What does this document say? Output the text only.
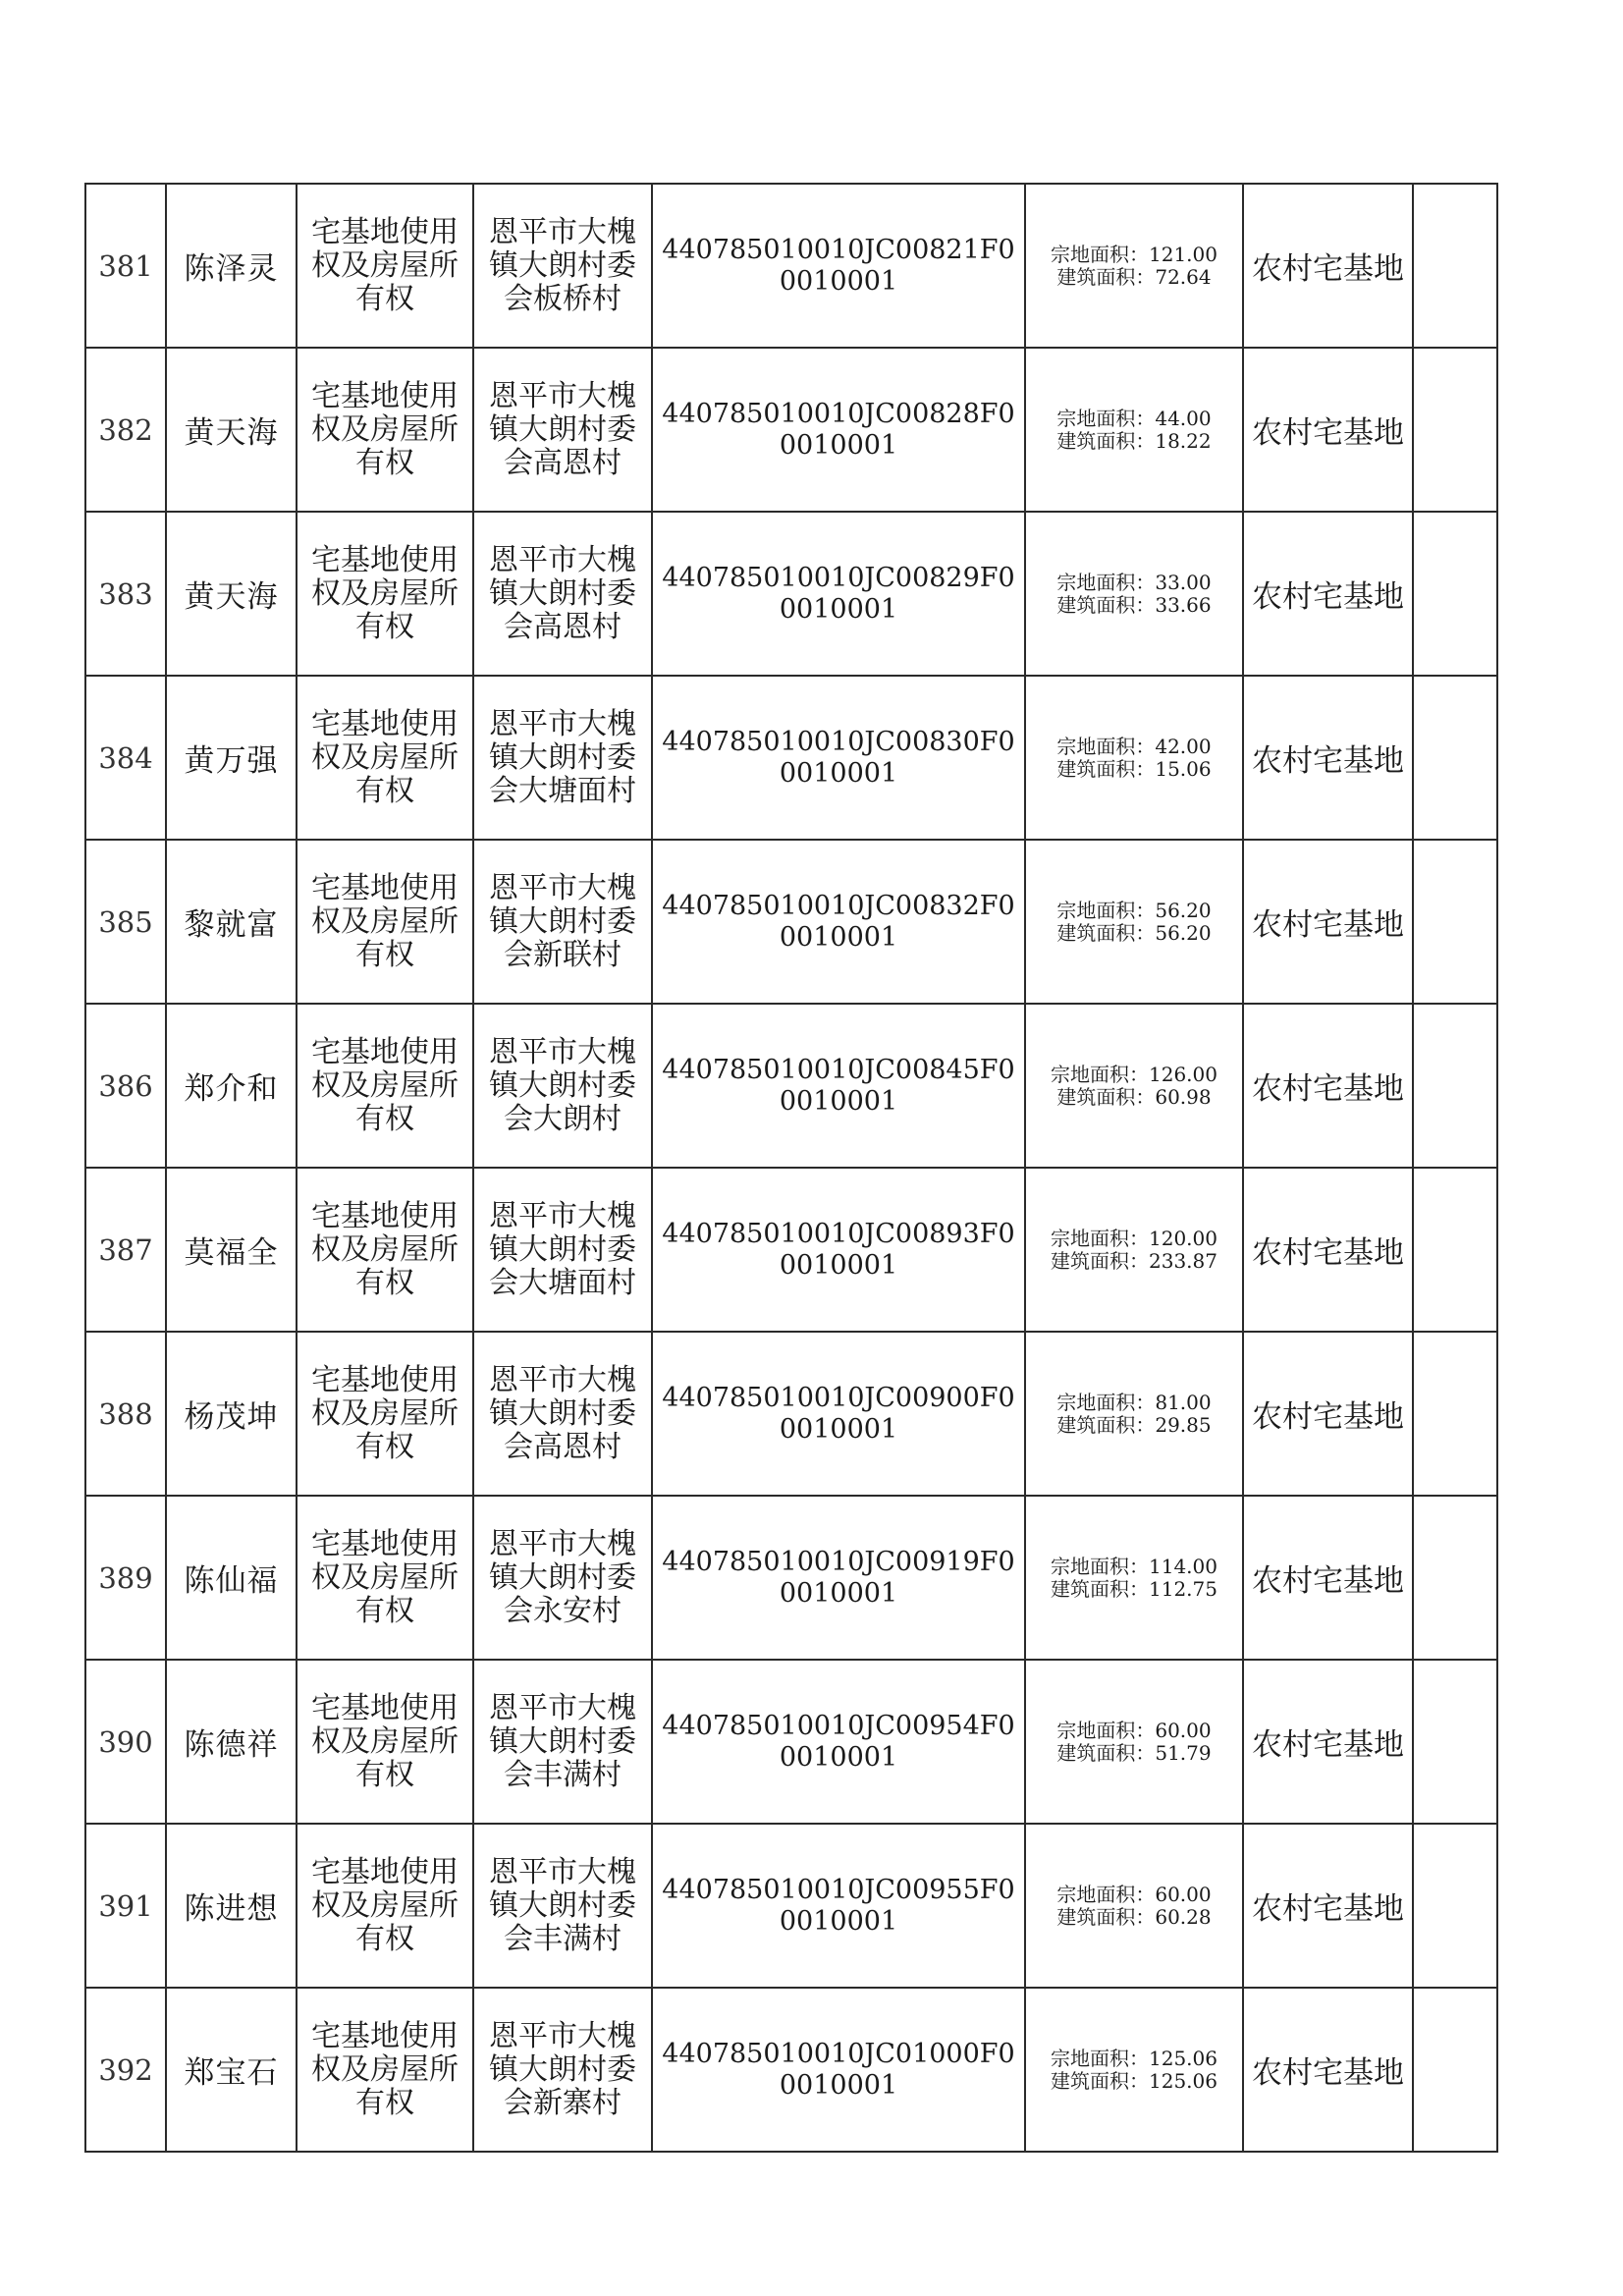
381	陈泽灵	宅基地使用权及房屋所有权	恩平市大槐镇大朗村委会板桥村	440785010010JC00821F00010001	宗地面积：121.00
建筑面积：72.64	农村宅基地	
382	黄天海	宅基地使用权及房屋所有权	恩平市大槐镇大朗村委会高恩村	440785010010JC00828F00010001	宗地面积：44.00
建筑面积：18.22	农村宅基地	
383	黄天海	宅基地使用权及房屋所有权	恩平市大槐镇大朗村委会高恩村	440785010010JC00829F00010001	宗地面积：33.00
建筑面积：33.66	农村宅基地	
384	黄万强	宅基地使用权及房屋所有权	恩平市大槐镇大朗村委会大塘面村	440785010010JC00830F00010001	宗地面积：42.00
建筑面积：15.06	农村宅基地	
385	黎就富	宅基地使用权及房屋所有权	恩平市大槐镇大朗村委会新联村	440785010010JC00832F00010001	宗地面积：56.20
建筑面积：56.20	农村宅基地	
386	郑介和	宅基地使用权及房屋所有权	恩平市大槐镇大朗村委会大朗村	440785010010JC00845F00010001	宗地面积：126.00
建筑面积：60.98	农村宅基地	
387	莫福全	宅基地使用权及房屋所有权	恩平市大槐镇大朗村委会大塘面村	440785010010JC00893F00010001	宗地面积：120.00
建筑面积：233.87	农村宅基地	
388	杨茂坤	宅基地使用权及房屋所有权	恩平市大槐镇大朗村委会高恩村	440785010010JC00900F00010001	宗地面积：81.00
建筑面积：29.85	农村宅基地	
389	陈仙福	宅基地使用权及房屋所有权	恩平市大槐镇大朗村委会永安村	440785010010JC00919F00010001	宗地面积：114.00
建筑面积：112.75	农村宅基地	
390	陈德祥	宅基地使用权及房屋所有权	恩平市大槐镇大朗村委会丰满村	440785010010JC00954F00010001	宗地面积：60.00
建筑面积：51.79	农村宅基地	
391	陈进想	宅基地使用权及房屋所有权	恩平市大槐镇大朗村委会丰满村	440785010010JC00955F00010001	宗地面积：60.00
建筑面积：60.28	农村宅基地	
392	郑宝石	宅基地使用权及房屋所有权	恩平市大槐镇大朗村委会新寨村	440785010010JC01000F00010001	宗地面积：125.06
建筑面积：125.06	农村宅基地	
